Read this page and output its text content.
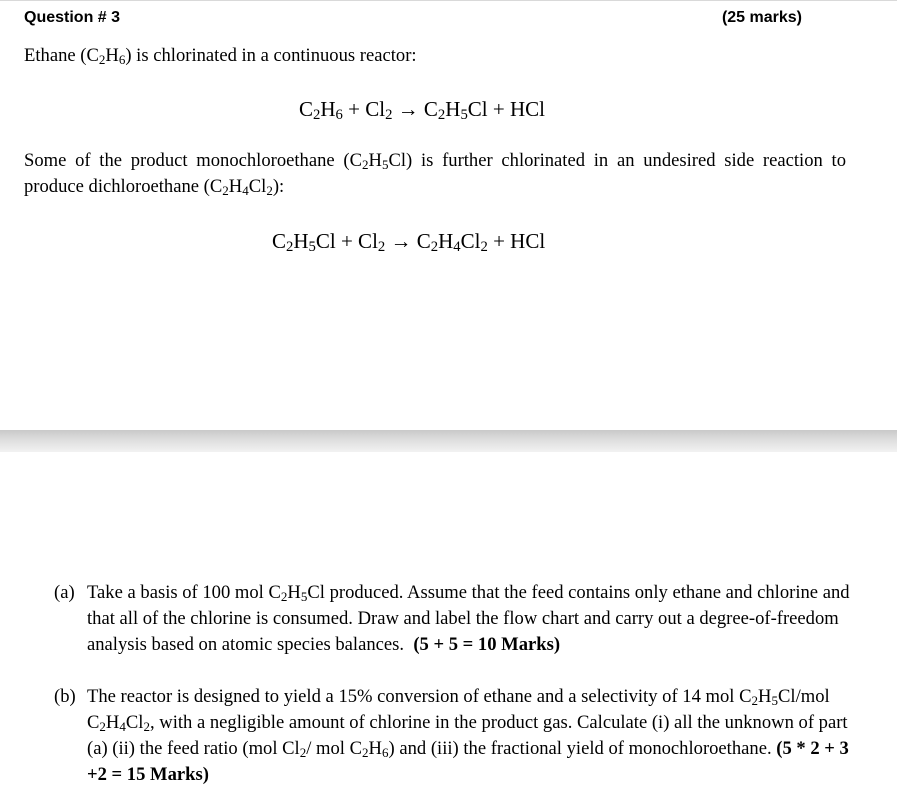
Question # 3	(25 marks)
Ethane $(C_2H_6)$ is chlorinated in a continuous reactor:
$C_2H_6 + Cl_2 \to C_2H_5Cl$ + HCl
Some of the product monochloroethane $(C_2H_5Cl)$ is further chlorinated in an undesired side reaction to produce dichloroethane $(C_2H_4Cl_2)$:
$C_2H_5Cl + Cl_2 \to C_2H_4Cl_2$ + HCl
(a) Take a basis of 100 mol $C_2H_5Cl$ produced. Assume that the feed contains only ethane and chlorine and that all of the chlorine is consumed. Draw and label the flow chart and carry out a degree-of-freedom analysis based on atomic species balances. (5 + 5 = 10 Marks)
(b) The reactor is designed to yield a 15% conversion of ethane and a selectivity of 14 mol $C_2H_5Cl$/mol $C_2H_4Cl_2$, with a negligible amount of chlorine in the product gas. Calculate (i) all the unknown of part (a) (ii) the feed ratio (mol $Cl_2/$ mol $C_2H_6$) and (iii) the fractional yield of monochloroethane. (5 * 2 + 3 +2 = 15 Marks)
